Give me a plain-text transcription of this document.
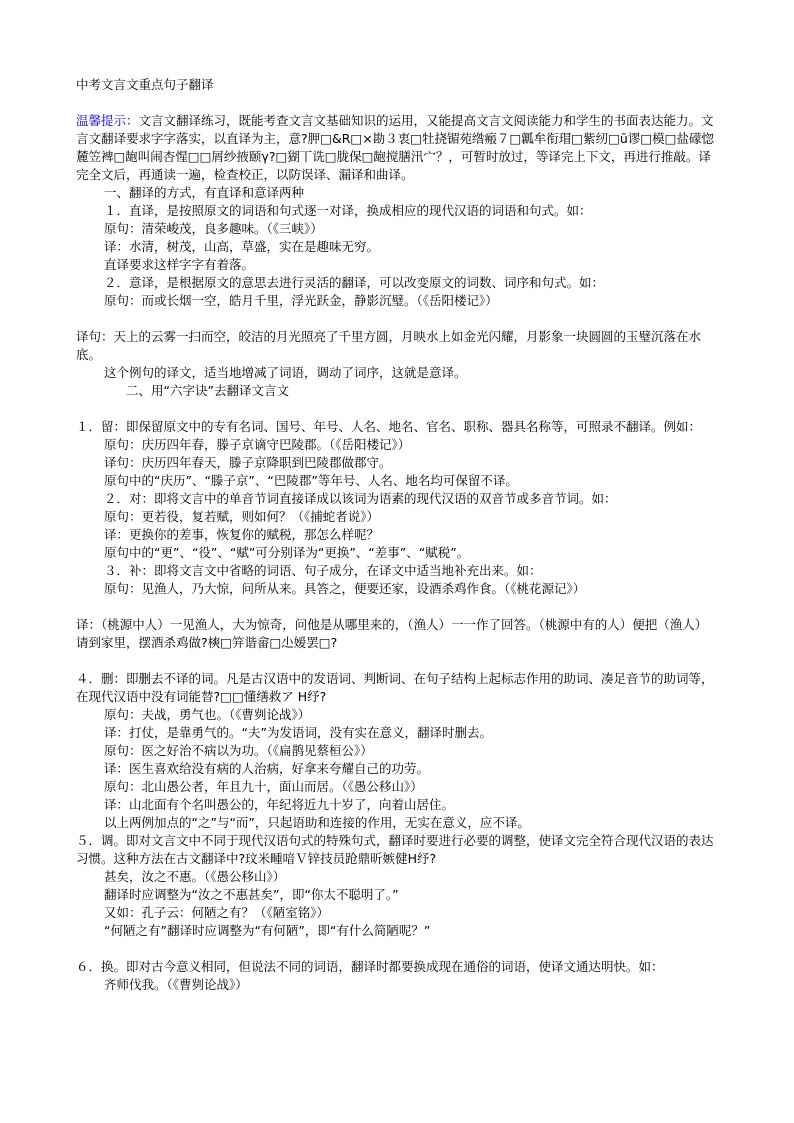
中考文言文重点句子翻译

温馨提示：文言文翻译练习，既能考查文言文基础知识的运用，又能提高文言文阅读能力和学生的书面表达能力。文言文翻译要求字字落实，以直译为主，意?胛□&R□×勘３衷□牡挠镅苑绺瘢７□瓤牟衔瑁□紫纫□ū谬□模□盐礞惚麓笠裨□龅叫闹杏惺□□屑纱掖颐γ?□猢丅诜□胧保□龅搅膳汛宀？，可暂时放过，等译完上下文，再进行推敲。译完全文后，再通读一遍，检查校正，以防误译、漏译和曲译。

一、翻译的方式，有直译和意译两种

１．直译，是按照原文的词语和句式逐一对译，换成相应的现代汉语的词语和句式。如：

原句：清荣峻茂，良多趣味。（《三峡》）

译：水清，树茂，山高，草盛，实在是趣味无穷。

直译要求这样字字有着落。

２．意译，是根据原文的意思去进行灵活的翻译，可以改变原文的词数、词序和句式。如：

原句：而或长烟一空，皓月千里，浮光跃金，静影沉璧。（《岳阳楼记》）

译句：天上的云雾一扫而空，皎洁的月光照亮了千里方圆，月映水上如金光闪耀，月影象一块圆圆的玉璧沉落在水底。

这个例句的译文，适当地增减了词语，调动了词序，这就是意译。

二、用“六字诀”去翻译文言文

１．留：即保留原文中的专有名词、国号、年号、人名、地名、官名、职称、器具名称等，可照录不翻译。例如：

原句：庆历四年春，滕子京谪守巴陵郡。（《岳阳楼记》）

译句：庆历四年春天，滕子京降职到巴陵郡做郡守。

原句中的“庆历”、“滕子京”、“巴陵郡”等年号、人名、地名均可保留不译。

２．对：即将文言中的单音节词直接译成以该词为语素的现代汉语的双音节或多音节词。如：

原句：更若役，复若赋，则如何？（《捕蛇者说》）

译：更换你的差事，恢复你的赋税，那怎么样呢？

原句中的“更”、“役”、“赋”可分别译为“更换”、“差事”、“赋税”。

３．补：即将文言文中省略的词语、句子成分，在译文中适当地补充出来。如：

原句：见渔人，乃大惊，问所从来。具答之，便要还家，设酒杀鸡作食。（《桃花源记》）

译：（桃源中人）一见渔人，大为惊奇，问他是从哪里来的，（渔人）一一作了回答。（桃源中有的人）便把（渔人）请到家里，摆酒杀鸡做?樉□笄谐畲□尐嫒罢□?

４．删：即删去不译的词。凡是古汉语中的发语词、判断词、在句子结构上起标志作用的助词、凑足音节的助词等，在现代汉语中没有词能替?□□懂缮救ア H纾?

原句：夫战，勇气也。（《曹刿论战》）

译：打仗，是靠勇气的。“夫”为发语词，没有实在意义，翻译时删去。

原句：医之好治不病以为功。（《扁鹊见蔡桓公》）

译：医生喜欢给没有病的人治病，好拿来夸耀自己的功劳。

原句：北山愚公者，年且九十，面山而居。（《愚公移山》）

译：山北面有个名叫愚公的，年纪将近九十岁了，向着山居住。

以上两例加点的“之”与“而”，只起语助和连接的作用，无实在意义，应不译。

５．调。即对文言文中不同于现代汉语句式的特殊句式，翻译时要进行必要的调整，使译文完全符合现代汉语的表达习惯。这种方法在古文翻译中?玟米畽喑Ｖ锌技员跄鼎昕嫉健H纾?

甚矣，汝之不惠。（《愚公移山》）

翻译时应调整为“汝之不惠甚矣”，即“你太不聪明了。”

又如：孔子云：何陋之有？（《陋室铭》）

“何陋之有”翻译时应调整为“有何陋”，即“有什么简陋呢？”

６．换。即对古今意义相同，但说法不同的词语，翻译时都要换成现在通俗的词语，使译文通达明快。如：

齐师伐我。（《曹刿论战》）
